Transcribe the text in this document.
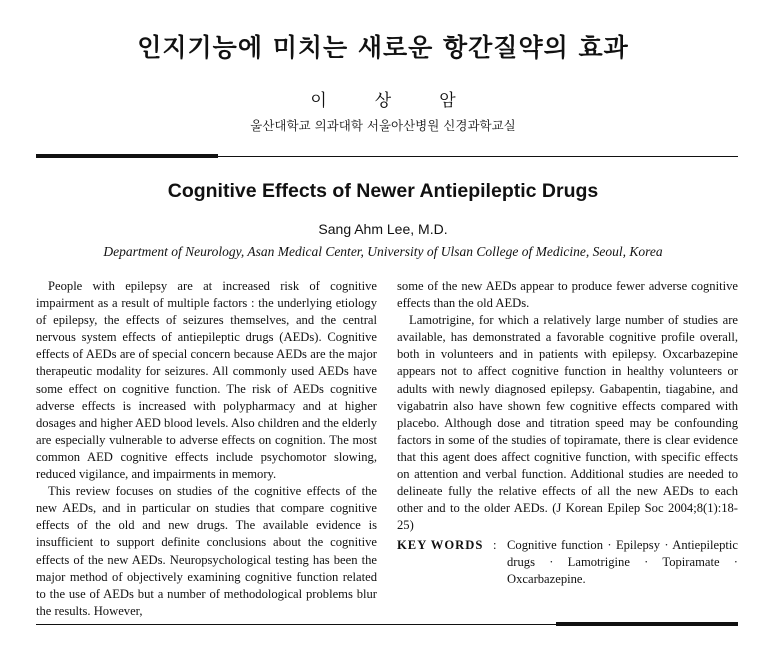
인지기능에 미치는 새로운 항간질약의 효과
이	상	암
울산대학교 의과대학 서울아산병원 신경과학교실
Cognitive Effects of Newer Antiepileptic Drugs
Sang Ahm Lee, M.D.
Department of Neurology, Asan Medical Center, University of Ulsan College of Medicine, Seoul, Korea

People with epilepsy are at increased risk of cognitive impairment as a result of multiple factors : the underlying etiology of epilepsy, the effects of seizures themselves, and the central nervous system effects of antiepileptic drugs (AEDs). Cognitive effects of AEDs are of special concern because AEDs are the major therapeutic modality for seizures. All commonly used AEDs have some effect on cognitive function. The risk of AEDs cognitive adverse effects is increased with polypharmacy and at higher dosages and higher AED blood levels. Also children and the elderly are especially vulnerable to adverse effects on cognition. The most common AED cognitive effects include psychomotor slowing, reduced vigilance, and impairments in memory.

This review focuses on studies of the cognitive effects of the new AEDs, and in particular on studies that compare cognitive effects of the old and new drugs. The available evidence is insufficient to support definite conclusions about the cognitive effects of the new AEDs. Neuropsychological testing has been the major method of objectively examining cognitive function related to the use of AEDs but a number of methodological problems blur the results. However,

some of the new AEDs appear to produce fewer adverse cognitive effects than the old AEDs.

Lamotrigine, for which a relatively large number of studies are available, has demonstrated a favorable cognitive profile overall, both in volunteers and in patients with epilepsy. Oxcarbazepine appears not to affect cognitive function in healthy volunteers or adults with newly diagnosed epilepsy. Gabapentin, tiagabine, and vigabatrin also have shown few cognitive effects compared with placebo. Although dose and titration speed may be confounding factors in some of the studies of topiramate, there is clear evidence that this agent does affect cognitive function, with specific effects on attention and verbal function. Additional studies are needed to delineate fully the relative effects of all the new AEDs to each other and to the older AEDs. (J Korean Epilep Soc 2004;8(1):18-25)

KEY WORDS : Cognitive function · Epilepsy · Antiepileptic drugs · Lamotrigine · Topiramate · Oxcarbazepine.
